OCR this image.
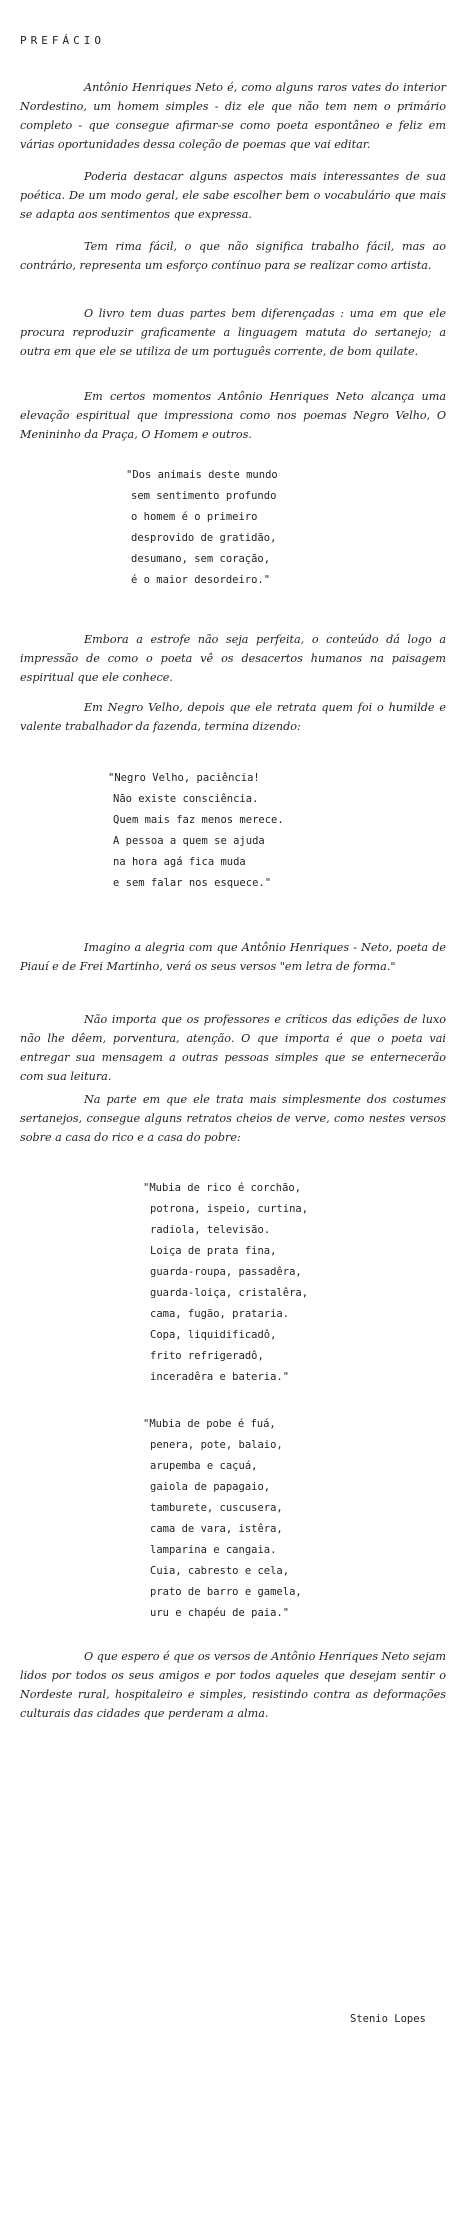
PREFÁCIO

Antônio Henriques Neto é, como alguns raros vates do interior Nordestino, um homem simples - diz ele que não tem nem o primário completo - que consegue afirmar-se como poeta espontâneo e feliz em várias oportunidades dessa coleção de poemas que vai editar.

Poderia destacar alguns aspectos mais interessantes de sua poética. De um modo geral, ele sabe escolher bem o vocabulário que mais se adapta aos sentimentos que expressa.

Tem rima fácil, o que não significa trabalho fácil, mas ao contrário, representa um esforço contínuo para se realizar como artista.

O livro tem duas partes bem diferençadas : uma em que ele procura reproduzir graficamente a linguagem matuta do sertanejo; a outra em que ele se utiliza de um português corrente, de bom quilate.

Em certos momentos Antônio Henriques Neto alcança uma elevação espiritual que impressiona como nos poemas Negro Velho, O Menininho da Praça, O Homem e outros.

"Dos animais deste mundo
sem sentimento profundo
o homem é o primeiro
desprovido de gratidão,
desumano, sem coração,
é o maior desordeiro."

Embora a estrofe não seja perfeita, o conteúdo dá logo a impressão de como o poeta vê os desacertos humanos na paisagem espiritual que ele conhece.

Em Negro Velho, depois que ele retrata quem foi o humilde e valente trabalhador da fazenda, termina dizendo:

"Negro Velho, paciência!
Não existe consciência.
Quem mais faz menos merece.
A pessoa a quem se ajuda
na hora agá fica muda
e sem falar nos esquece."

Imagino a alegria com que Antônio Henriques - Neto, poeta de Piauí e de Frei Martinho, verá os seus versos "em letra de forma."

Não importa que os professores e críticos das edições de luxo não lhe dêem, porventura, atenção. O que importa é que o poeta vai entregar sua mensagem a outras pessoas simples que se enternecerão com sua leitura.

Na parte em que ele trata mais simplesmente dos costumes sertanejos, consegue alguns retratos cheios de verve, como nestes versos sobre a casa do rico e a casa do pobre:

"Mubia de rico é corchão,
potrona, ispeio, curtina,
radiola, televisão.
Loiça de prata fina,
guarda-roupa, passadêra,
guarda-loiça, cristalêra,
cama, fugão, prataria.
Copa, liquidificadô,
frito refrigeradô,
inceradêra e bateria."
"Mubia de pobe é fuá,
penera, pote, balaio,
arupemba e caçuá,
gaiola de papagaio,
tamburete, cuscusera,
cama de vara, istêra,
lamparina e cangaia.
Cuia, cabresto e cela,
prato de barro e gamela,
uru e chapéu de paia."

O que espero é que os versos de Antônio Henriques Neto sejam lidos por todos os seus amigos e por todos aqueles que desejam sentir o Nordeste rural, hospitaleiro e simples, resistindo contra as deformações culturais das cidades que perderam a alma.

Stenio Lopes
